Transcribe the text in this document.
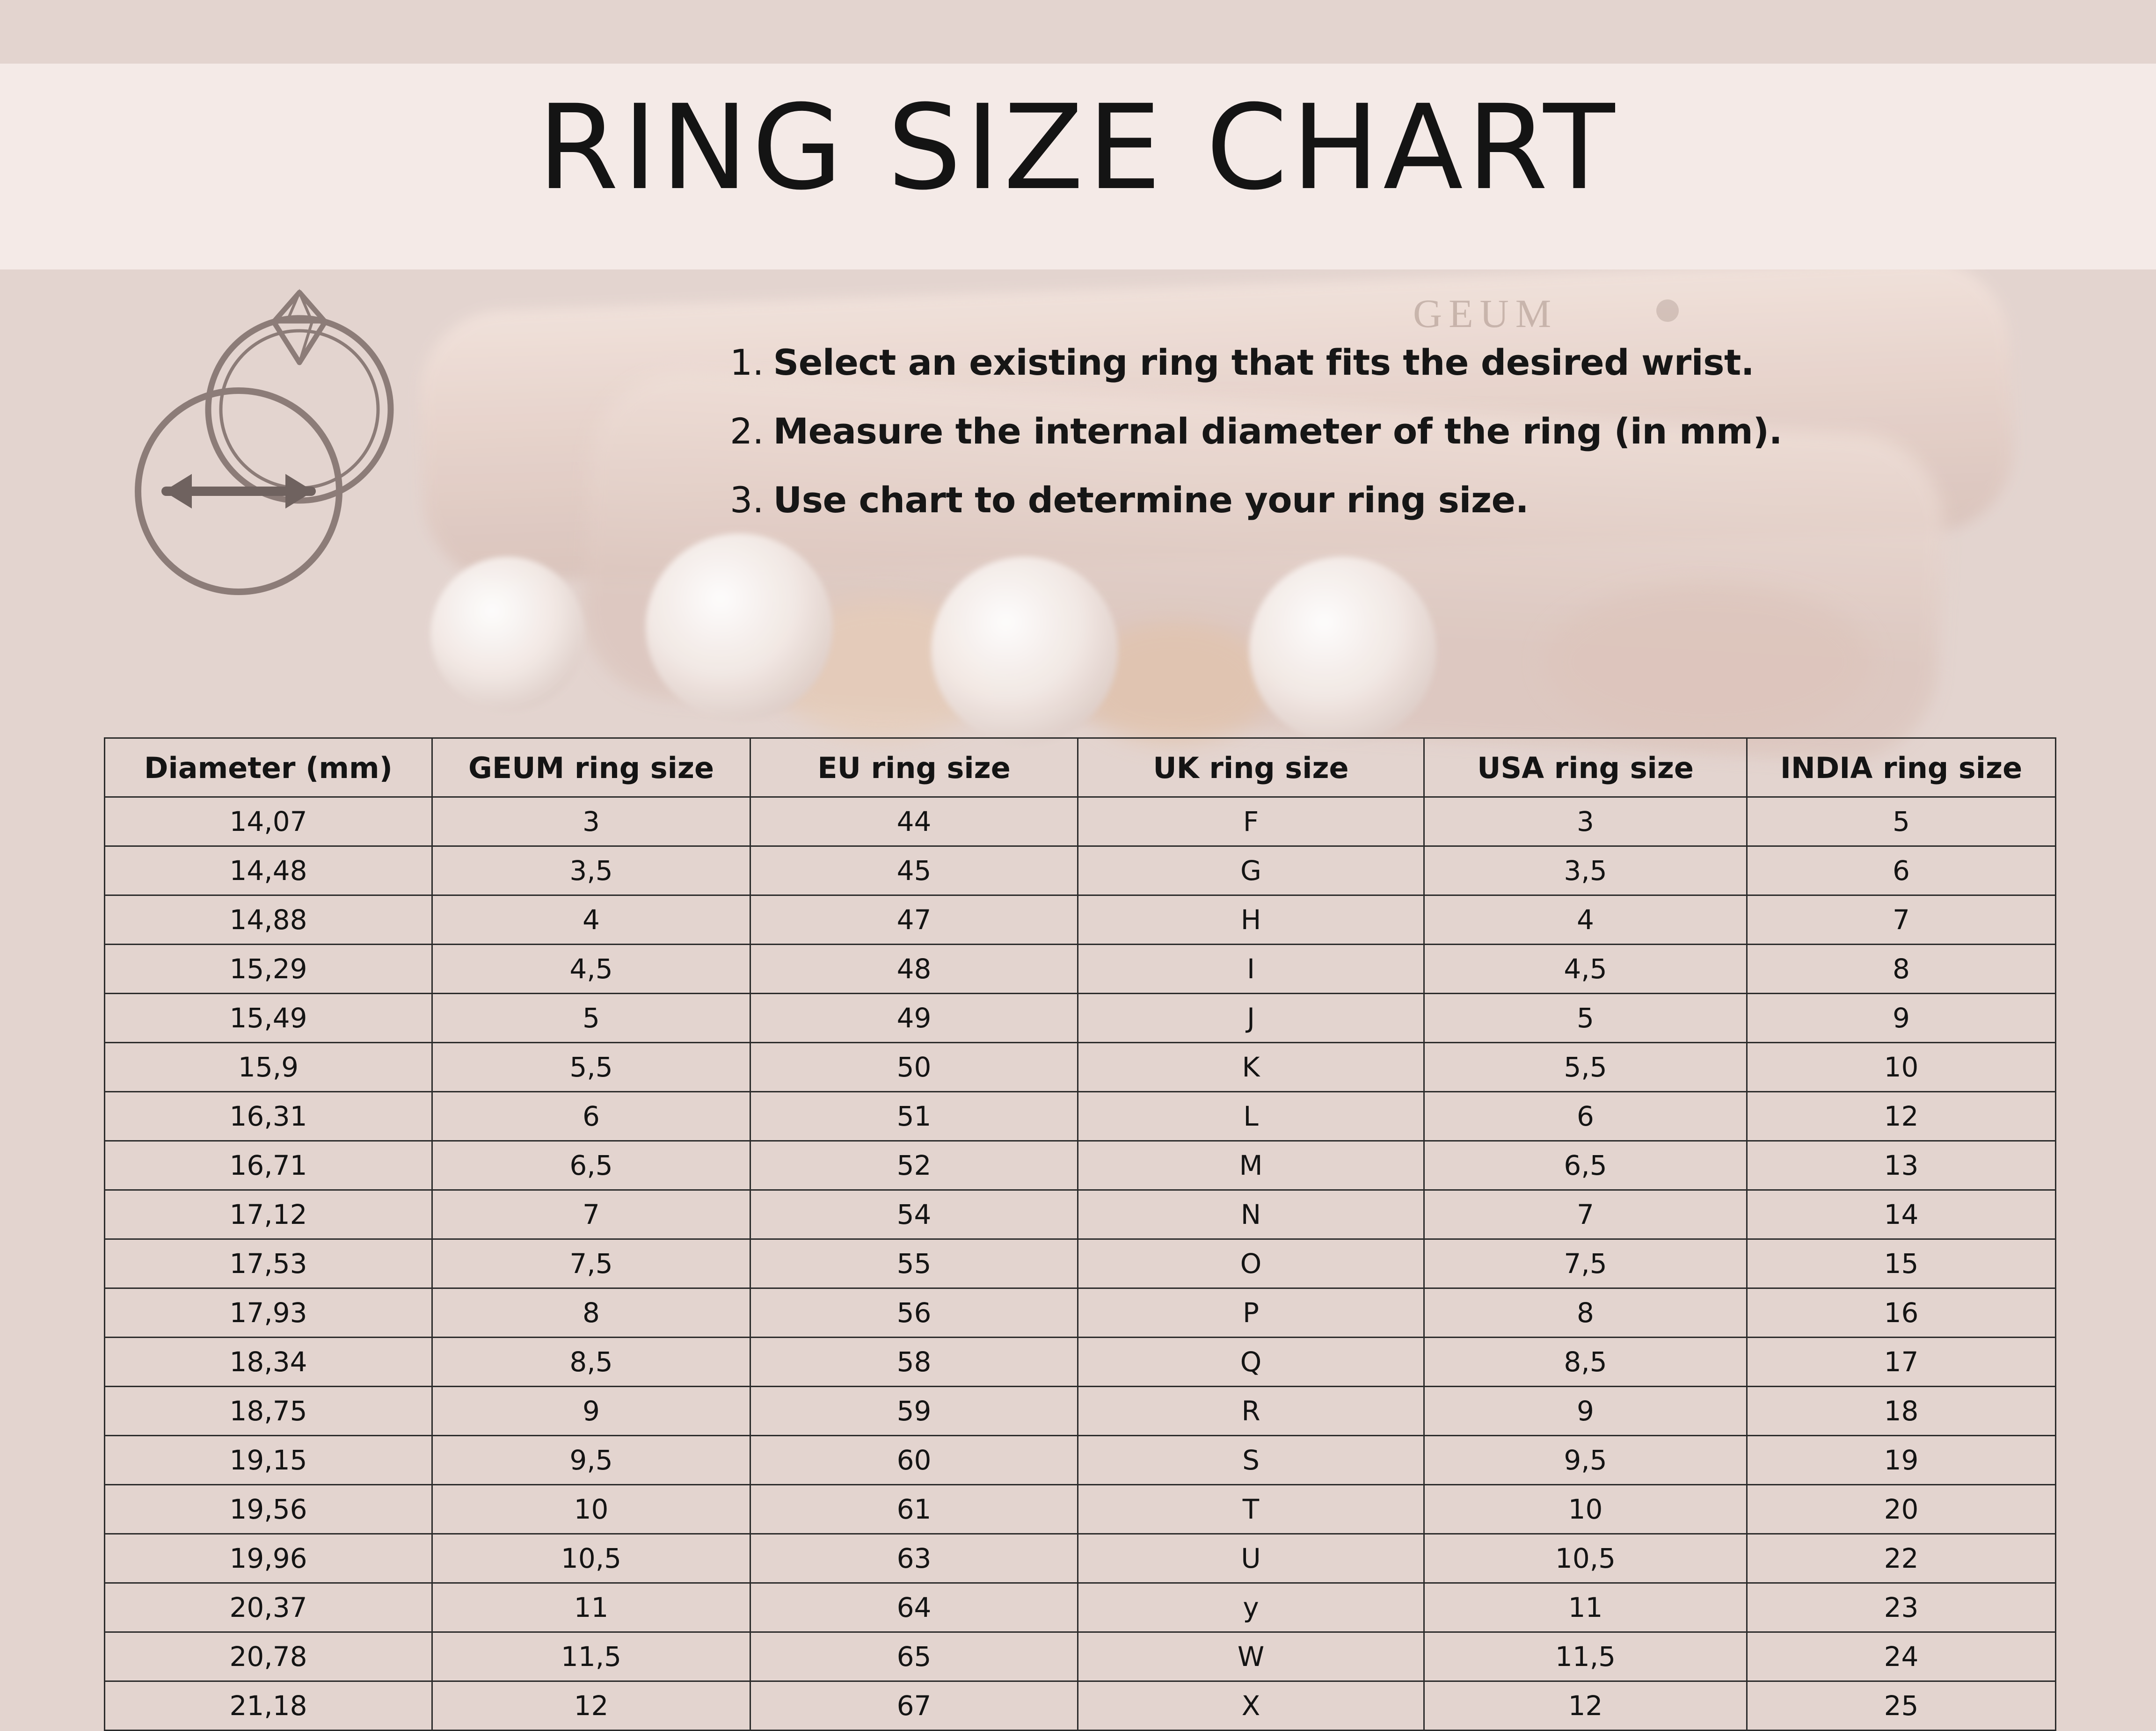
GEUM
RING SIZE CHART
1. Select an existing ring that fits the desired wrist.
2. Measure the internal diameter of the ring (in mm).
3. Use chart to determine your ring size.
Diameter (mm)	GEUM ring size	EU ring size	UK ring size	USA ring size	INDIA ring size
14,07	3	44	F	3	5
14,48	3,5	45	G	3,5	6
14,88	4	47	H	4	7
15,29	4,5	48	I	4,5	8
15,49	5	49	J	5	9
15,9	5,5	50	K	5,5	10
16,31	6	51	L	6	12
16,71	6,5	52	M	6,5	13
17,12	7	54	N	7	14
17,53	7,5	55	O	7,5	15
17,93	8	56	P	8	16
18,34	8,5	58	Q	8,5	17
18,75	9	59	R	9	18
19,15	9,5	60	S	9,5	19
19,56	10	61	T	10	20
19,96	10,5	63	U	10,5	22
20,37	11	64	y	11	23
20,78	11,5	65	W	11,5	24
21,18	12	67	X	12	25
